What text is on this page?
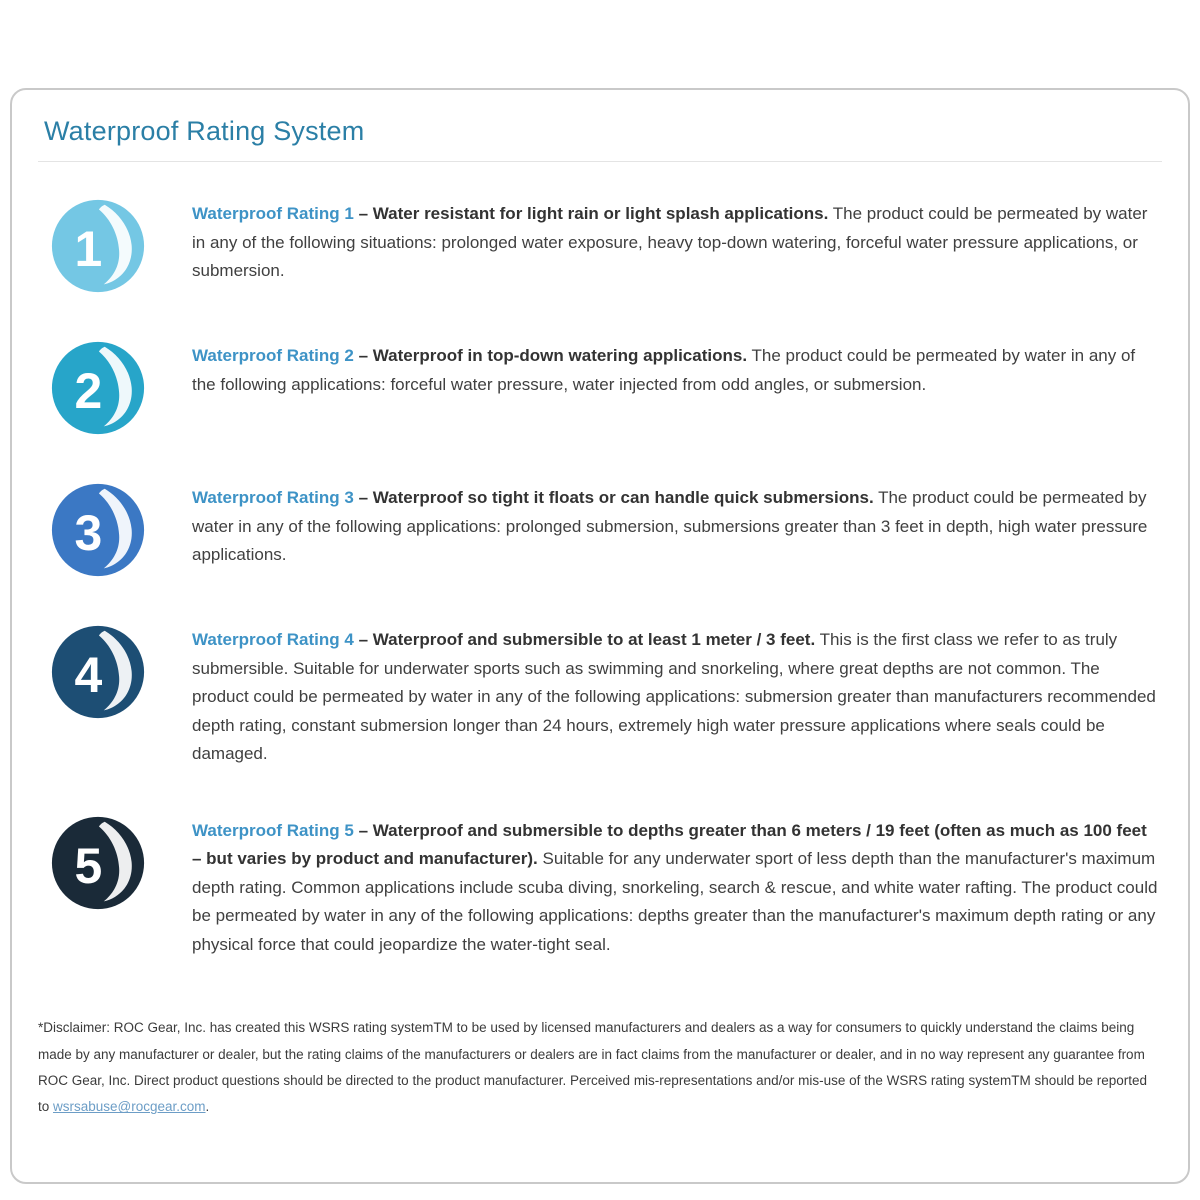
Waterproof Rating System
1

Waterproof Rating 1 – Water resistant for light rain or light splash applications. The product could be permeated by water in any of the following situations: prolonged water exposure, heavy top-down watering, forceful water pressure applications, or submersion.

2

Waterproof Rating 2 – Waterproof in top-down watering applications. The product could be permeated by water in any of the following applications: forceful water pressure, water injected from odd angles, or submersion.

3

Waterproof Rating 3 – Waterproof so tight it floats or can handle quick submersions. The product could be permeated by water in any of the following applications: prolonged submersion, submersions greater than 3 feet in depth, high water pressure applications.

4

Waterproof Rating 4 – Waterproof and submersible to at least 1 meter / 3 feet. This is the first class we refer to as truly submersible. Suitable for underwater sports such as swimming and snorkeling, where great depths are not common. The product could be permeated by water in any of the following applications: submersion greater than manufacturers recommended depth rating, constant submersion longer than 24 hours, extremely high water pressure applications where seals could be damaged.

5

Waterproof Rating 5 – Waterproof and submersible to depths greater than 6 meters / 19 feet (often as much as 100 feet – but varies by product and manufacturer). Suitable for any underwater sport of less depth than the manufacturer's maximum depth rating. Common applications include scuba diving, snorkeling, search & rescue, and white water rafting. The product could be permeated by water in any of the following applications: depths greater than the manufacturer's maximum depth rating or any physical force that could jeopardize the water-tight seal.

*Disclaimer: ROC Gear, Inc. has created this WSRS rating systemTM to be used by licensed manufacturers and dealers as a way for consumers to quickly understand the claims being made by any manufacturer or dealer, but the rating claims of the manufacturers or dealers are in fact claims from the manufacturer or dealer, and in no way represent any guarantee from ROC Gear, Inc. Direct product questions should be directed to the product manufacturer. Perceived mis-representations and/or mis-use of the WSRS rating systemTM should be reported to wsrsabuse@rocgear.com.
